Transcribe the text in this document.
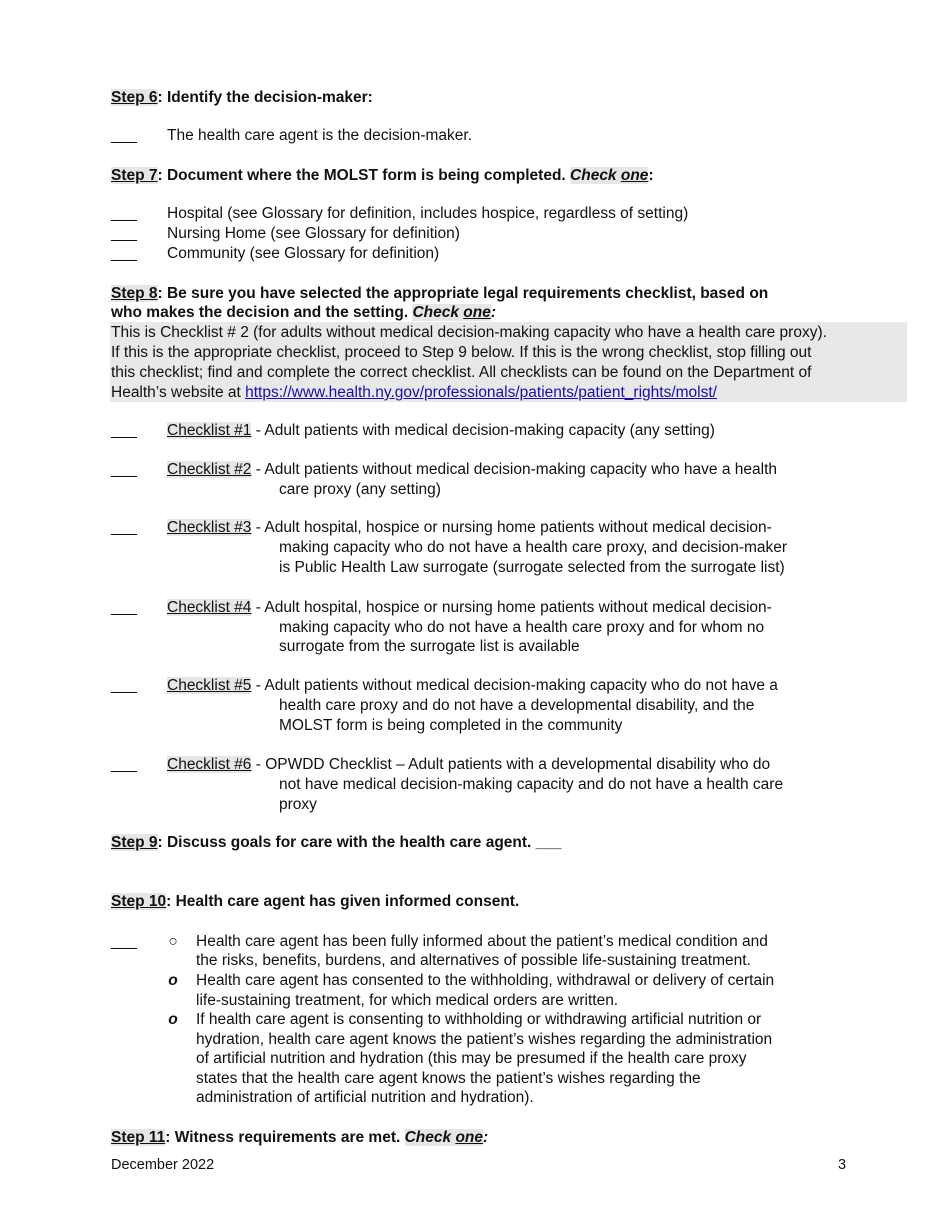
Step 6: Identify the decision-maker:
___ The health care agent is the decision-maker.
Step 7: Document where the MOLST form is being completed. Check one:
___ Hospital (see Glossary for definition, includes hospice, regardless of setting)
___ Nursing Home (see Glossary for definition)
___ Community (see Glossary for definition)
Step 8: Be sure you have selected the appropriate legal requirements checklist, based on
who makes the decision and the setting. Check one:
This is Checklist # 2 (for adults without medical decision-making capacity who have a health care proxy).
If this is the appropriate checklist, proceed to Step 9 below. If this is the wrong checklist, stop filling out
this checklist; find and complete the correct checklist. All checklists can be found on the Department of
Health’s website at https://www.health.ny.gov/professionals/patients/patient_rights/molst/
___ Checklist #1 - Adult patients with medical decision-making capacity (any setting)
___ Checklist #2 - Adult patients without medical decision-making capacity who have a health
care proxy (any setting)
___ Checklist #3 - Adult hospital, hospice or nursing home patients without medical decision-
making capacity who do not have a health care proxy, and decision-maker
is Public Health Law surrogate (surrogate selected from the surrogate list)
___ Checklist #4 - Adult hospital, hospice or nursing home patients without medical decision-
making capacity who do not have a health care proxy and for whom no
surrogate from the surrogate list is available
___ Checklist #5 - Adult patients without medical decision-making capacity who do not have a
health care proxy and do not have a developmental disability, and the
MOLST form is being completed in the community
___ Checklist #6 - OPWDD Checklist – Adult patients with a developmental disability who do
not have medical decision-making capacity and do not have a health care
proxy
Step 9: Discuss goals for care with the health care agent. ___
Step 10: Health care agent has given informed consent.
___	○	Health care agent has been fully informed about the patient’s medical condition and
the risks, benefits, burdens, and alternatives of possible life-sustaining treatment.
o	Health care agent has consented to the withholding, withdrawal or delivery of certain
life-sustaining treatment, for which medical orders are written.
o	If health care agent is consenting to withholding or withdrawing artificial nutrition or
hydration, health care agent knows the patient’s wishes regarding the administration
of artificial nutrition and hydration (this may be presumed if the health care proxy
states that the health care agent knows the patient’s wishes regarding the
administration of artificial nutrition and hydration).
Step 11: Witness requirements are met. Check one:
December 2022	3
